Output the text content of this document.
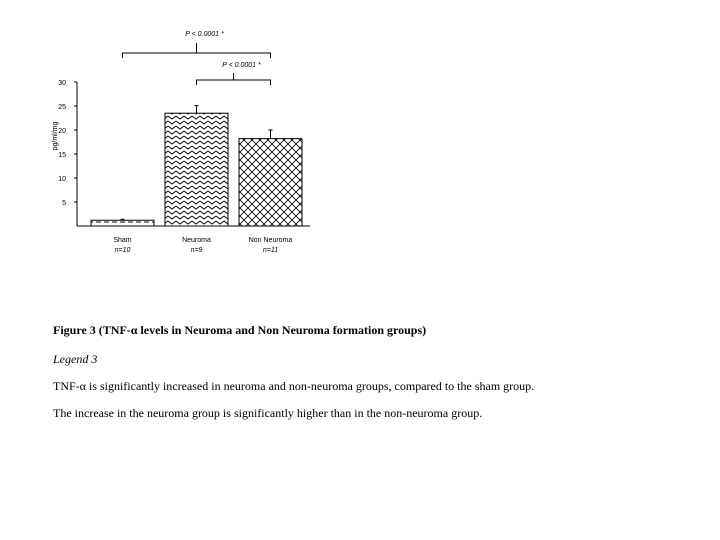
P < 0.0001 *
P < 0.0001 *
5
10
15
20
25
30
pg/ml/mg
Sham
n=10
Neuroma
n=9
Non Neuroma
n=11
Figure 3 (TNF-α levels in Neuroma and Non Neuroma formation groups)
Legend 3
TNF-α is significantly increased in neuroma and non-neuroma groups, compared to the sham group.
The increase in the neuroma group is significantly higher than in the non-neuroma group.
